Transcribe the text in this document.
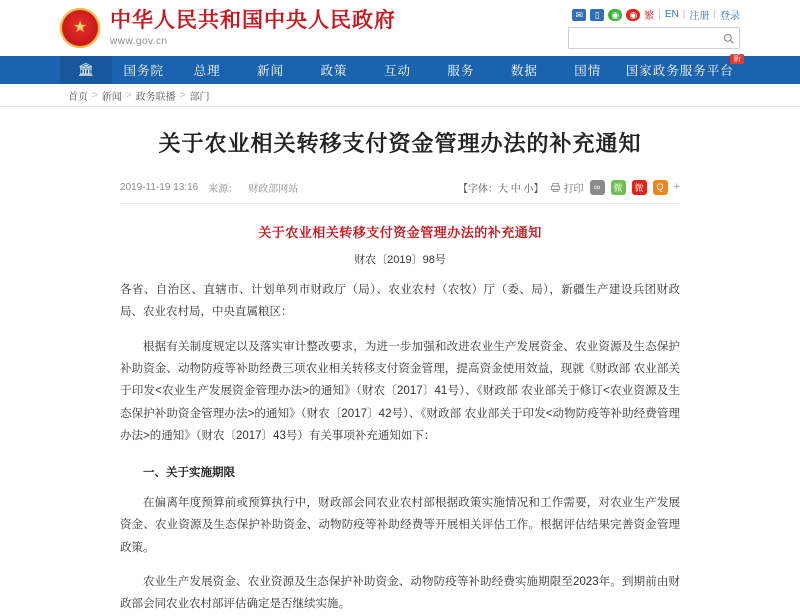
★
中华人民共和国中央人民政府
www.gov.cn
✉	▯	◉	◉ 繁 | EN | 注册 | 登录
🏛	国务院	总理	新闻	政策	互动	服务	数据	国情	国家政务服务平台
新
首页 > 新闻 > 政务联播 > 部门
关于农业相关转移支付资金管理办法的补充通知
2019-11-19 13:16 来源： 财政部网站	【字体：大 中 小】 打印	∞	微	微	Q +
关于农业相关转移支付资金管理办法的补充通知
财农〔2019〕98号

各省、自治区、直辖市、计划单列市财政厅（局）、农业农村（农牧）厅（委、局），新疆生产建设兵团财政局、农业农村局，中央直属粮区：

根据有关制度规定以及落实审计整改要求，为进一步加强和改进农业生产发展资金、农业资源及生态保护补助资金、动物防疫等补助经费三项农业相关转移支付资金管理，提高资金使用效益，现就《财政部 农业部关于印发<农业生产发展资金管理办法>的通知》（财农〔2017〕41号）、《财政部 农业部关于修订<农业资源及生态保护补助资金管理办法>的通知》（财农〔2017〕42号）、《财政部 农业部关于印发<动物防疫等补助经费管理办法>的通知》（财农〔2017〕43号）有关事项补充通知如下：

一、关于实施期限

在偏离年度预算前或预算执行中，财政部会同农业农村部根据政策实施情况和工作需要，对农业生产发展资金、农业资源及生态保护补助资金、动物防疫等补助经费等开展相关评估工作。根据评估结果完善资金管理政策。

农业生产发展资金、农业资源及生态保护补助资金、动物防疫等补助经费实施期限至2023年。到期前由财政部会同农业农村部评估确定是否继续实施。
